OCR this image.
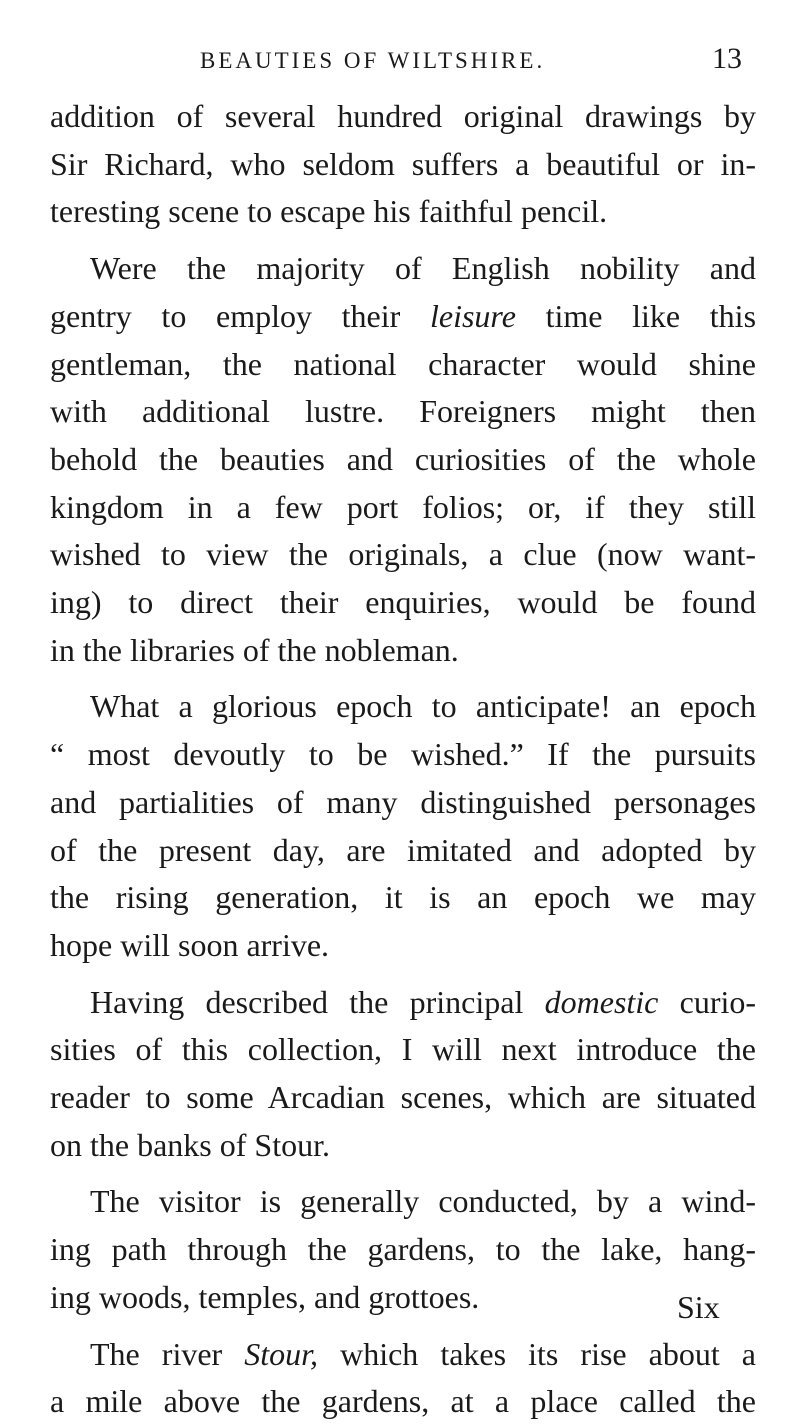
BEAUTIES OF WILTSHIRE.	13

addition of several hundred original drawings by

Sir Richard, who seldom suffers a beautiful or in-

teresting scene to escape his faithful pencil.

Were the majority of English nobility and

gentry to employ their leisure time like this

gentleman, the national character would shine

with additional lustre. Foreigners might then

behold the beauties and curiosities of the whole

kingdom in a few port folios; or, if they still

wished to view the originals, a clue (now want-

ing) to direct their enquiries, would be found

in the libraries of the nobleman.

What a glorious epoch to anticipate! an epoch

“ most devoutly to be wished.” If the pursuits

and partialities of many distinguished personages

of the present day, are imitated and adopted by

the rising generation, it is an epoch we may

hope will soon arrive.

Having described the principal domestic curio-

sities of this collection, I will next introduce the

reader to some Arcadian scenes, which are situated

on the banks of Stour.

The visitor is generally conducted, by a wind-

ing path through the gardens, to the lake, hang-

ing woods, temples, and grottoes.

The river Stour, which takes its rise about a

a mile above the gardens, at a place called the

Six
